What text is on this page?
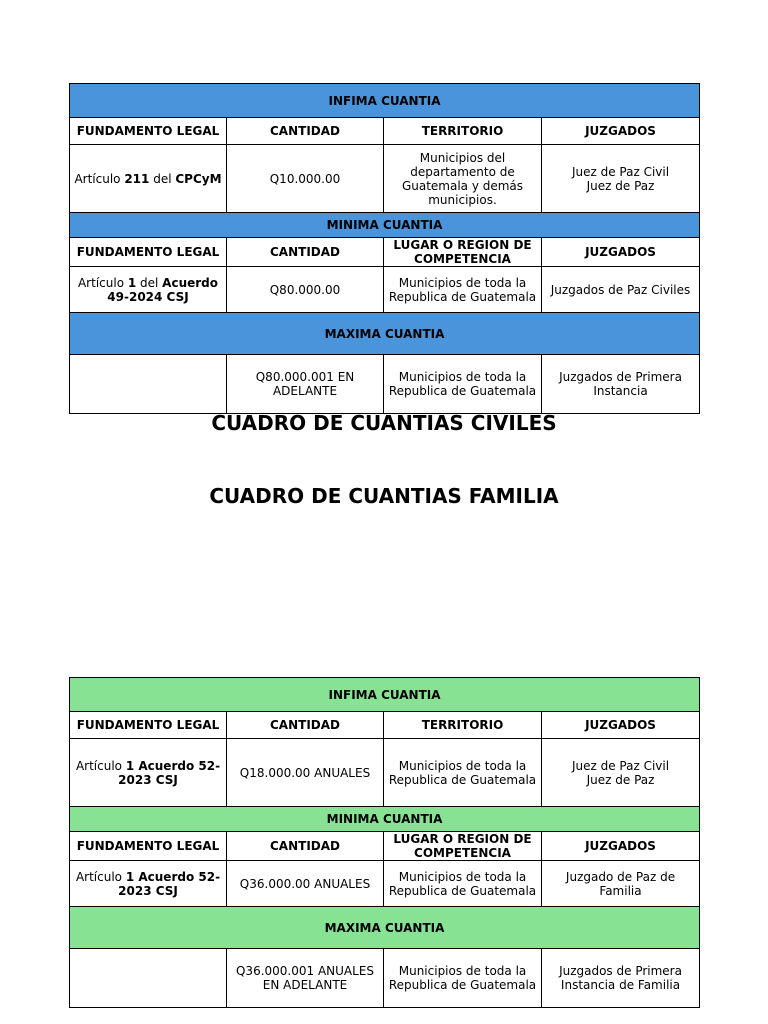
INFIMA CUANTIA			
FUNDAMENTO LEGAL	CANTIDAD	TERRITORIO	JUZGADOS
Artículo 211 del CPCyM	Q10.000.00	Municipios del departamento de Guatemala y demás municipios.	Juez de Paz Civil
Juez de Paz

MINIMA CUANTIA			
FUNDAMENTO LEGAL	CANTIDAD	LUGAR O REGION DE COMPETENCIA	JUZGADOS
Artículo 1 del Acuerdo 49-2024 CSJ	Q80.000.00	Municipios de toda la Republica de Guatemala	Juzgados de Paz Civiles
MAXIMA CUANTIA			
	Q80.000.001 EN ADELANTE	Municipios de toda la Republica de Guatemala	Juzgados de Primera Instancia
CUADRO DE CUANTIAS CIVILES
CUADRO DE CUANTIAS FAMILIA
INFIMA CUANTIA			
FUNDAMENTO LEGAL	CANTIDAD	TERRITORIO	JUZGADOS
Artículo 1 Acuerdo 52-2023 CSJ	Q18.000.00 ANUALES	Municipios de toda la Republica de Guatemala	Juez de Paz Civil
Juez de Paz

MINIMA CUANTIA			
FUNDAMENTO LEGAL	CANTIDAD	LUGAR O REGION DE COMPETENCIA	JUZGADOS
Artículo 1 Acuerdo 52-2023 CSJ	Q36.000.00 ANUALES	Municipios de toda la Republica de Guatemala	Juzgado de Paz de Familia
MAXIMA CUANTIA			
	Q36.000.001 ANUALES EN ADELANTE	Municipios de toda la Republica de Guatemala	Juzgados de Primera Instancia de Familia
